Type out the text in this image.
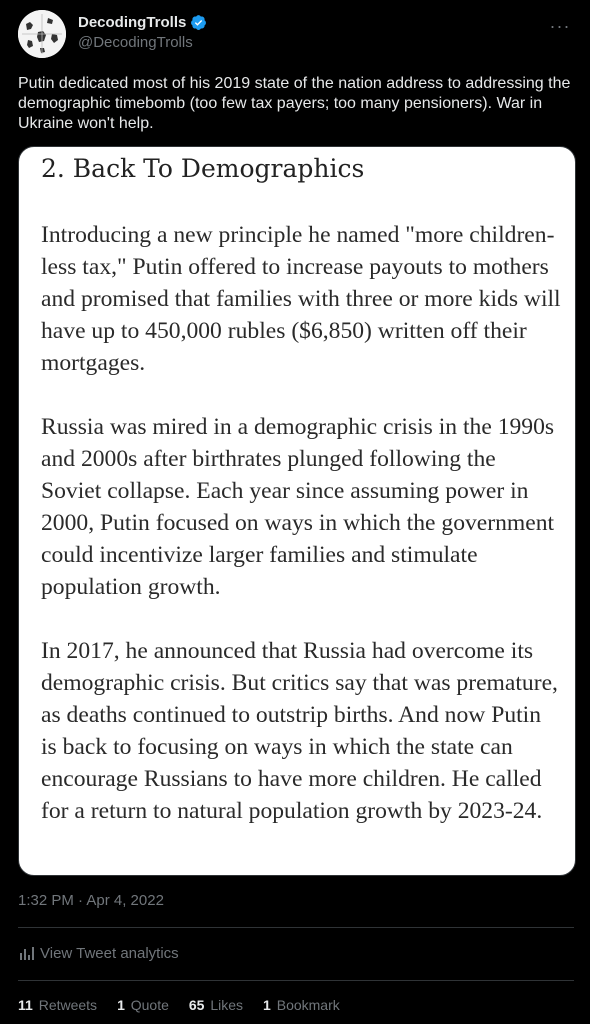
DecodingTrolls
@DecodingTrolls
···
Putin dedicated most of his 2019 state of the nation address to addressing the demographic timebomb (too few tax payers; too many pensioners). War in Ukraine won't help.
2. Back To Demographics

Introducing a new principle he named "more children-less tax," Putin offered to increase payouts to mothers and promised that families with three or more kids will have up to 450,000 rubles ($6,850) written off their mortgages.

Russia was mired in a demographic crisis in the 1990s and 2000s after birthrates plunged following the Soviet collapse. Each year since assuming power in 2000, Putin focused on ways in which the government could incentivize larger families and stimulate population growth.

In 2017, he announced that Russia had overcome its demographic crisis. But critics say that was premature, as deaths continued to outstrip births. And now Putin is back to focusing on ways in which the state can encourage Russians to have more children. He called for a return to natural population growth by 2023-24.

1:32 PM · Apr 4, 2022
View Tweet analytics
11 Retweets 1 Quote 65 Likes 1 Bookmark
